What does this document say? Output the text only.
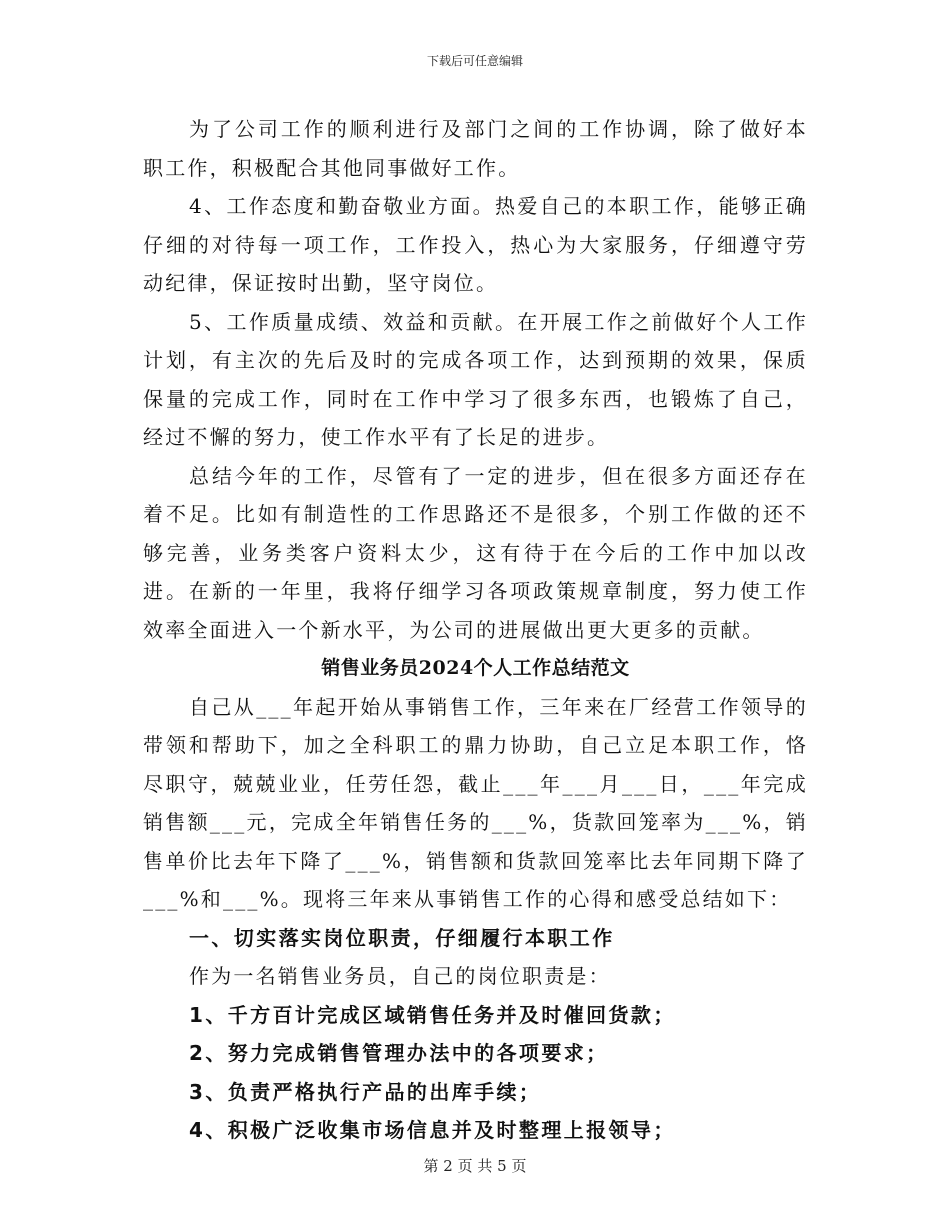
下载后可任意编辑

为了公司工作的顺利进行及部门之间的工作协调，除了做好本职工作，积极配合其他同事做好工作。

4、工作态度和勤奋敬业方面。热爱自己的本职工作，能够正确仔细的对待每一项工作，工作投入，热心为大家服务，仔细遵守劳动纪律，保证按时出勤，坚守岗位。

5、工作质量成绩、效益和贡献。在开展工作之前做好个人工作计划，有主次的先后及时的完成各项工作，达到预期的效果，保质保量的完成工作，同时在工作中学习了很多东西，也锻炼了自己，经过不懈的努力，使工作水平有了长足的进步。

总结今年的工作，尽管有了一定的进步，但在很多方面还存在着不足。比如有制造性的工作思路还不是很多，个别工作做的还不够完善，业务类客户资料太少，这有待于在今后的工作中加以改进。在新的一年里，我将仔细学习各项政策规章制度，努力使工作效率全面进入一个新水平，为公司的进展做出更大更多的贡献。

销售业务员2024个人工作总结范文

自己从___年起开始从事销售工作，三年来在厂经营工作领导的带领和帮助下，加之全科职工的鼎力协助，自己立足本职工作，恪尽职守，兢兢业业，任劳任怨，截止___年___月___日，___年完成销售额___元，完成全年销售任务的___%，货款回笼率为___%，销售单价比去年下降了___%，销售额和货款回笼率比去年同期下降了___%和___%。现将三年来从事销售工作的心得和感受总结如下：

一、切实落实岗位职责，仔细履行本职工作

作为一名销售业务员，自己的岗位职责是：

1、千方百计完成区域销售任务并及时催回货款；

2、努力完成销售管理办法中的各项要求；

3、负责严格执行产品的出库手续；

4、积极广泛收集市场信息并及时整理上报领导；

第 2 页 共 5 页
